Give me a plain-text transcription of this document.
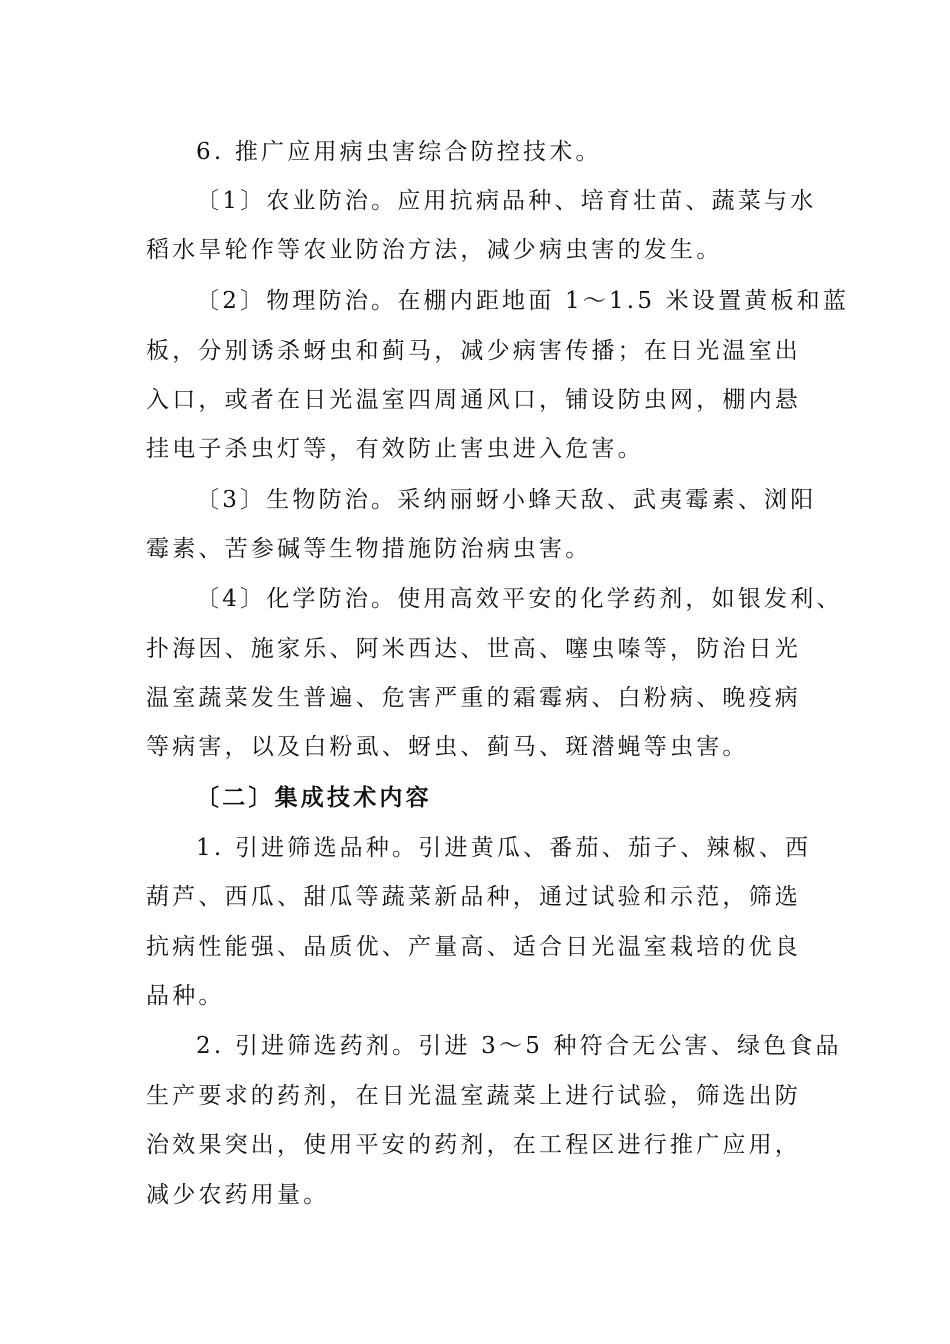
6. 推广应用病虫害综合防控技术。
〔1〕农业防治。应用抗病品种、培育壮苗、蔬菜与水
稻水旱轮作等农业防治方法，减少病虫害的发生。
〔2〕物理防治。在棚内距地面 1～1.5 米设置黄板和蓝
板，分别诱杀蚜虫和蓟马，减少病害传播；在日光温室出
入口，或者在日光温室四周通风口，铺设防虫网，棚内悬
挂电子杀虫灯等，有效防止害虫进入危害。
〔3〕生物防治。采纳丽蚜小蜂天敌、武夷霉素、浏阳
霉素、苦参碱等生物措施防治病虫害。
〔4〕化学防治。使用高效平安的化学药剂，如银发利、
扑海因、施家乐、阿米西达、世高、噻虫嗪等，防治日光
温室蔬菜发生普遍、危害严重的霜霉病、白粉病、晚疫病
等病害，以及白粉虱、蚜虫、蓟马、斑潜蝇等虫害。
〔二〕集成技术内容
1. 引进筛选品种。引进黄瓜、番茄、茄子、辣椒、西
葫芦、西瓜、甜瓜等蔬菜新品种，通过试验和示范，筛选
抗病性能强、品质优、产量高、适合日光温室栽培的优良
品种。
2. 引进筛选药剂。引进 3～5 种符合无公害、绿色食品
生产要求的药剂，在日光温室蔬菜上进行试验，筛选出防
治效果突出，使用平安的药剂，在工程区进行推广应用，
减少农药用量。
